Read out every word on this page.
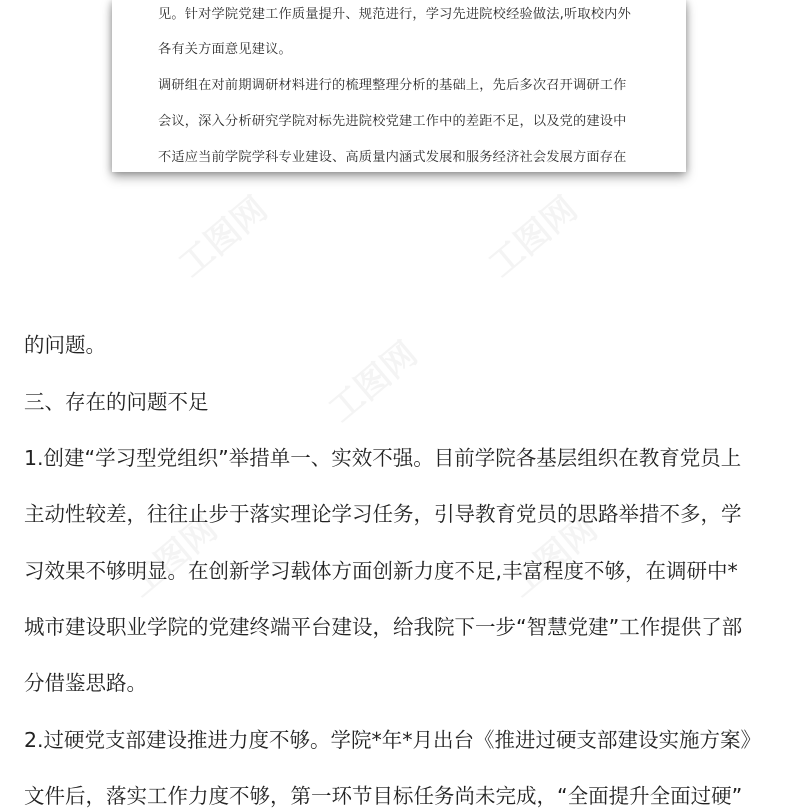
工图网	工图网
工图网
工图网	工图网
见。针对学院党建工作质量提升、规范进行，学习先进院校经验做法,听取校内外
各有关方面意见建议。
调研组在对前期调研材料进行的梳理整理分析的基础上，先后多次召开调研工作
会议，深入分析研究学院对标先进院校党建工作中的差距不足，以及党的建设中
不适应当前学院学科专业建设、高质量内涵式发展和服务经济社会发展方面存在
的问题。
三、存在的问题不足
1.创建“学习型党组织”举措单一、实效不强。目前学院各基层组织在教育党员上
主动性较差，往往止步于落实理论学习任务，引导教育党员的思路举措不多，学
习效果不够明显。在创新学习载体方面创新力度不足,丰富程度不够，在调研中*
城市建设职业学院的党建终端平台建设，给我院下一步“智慧党建”工作提供了部
分借鉴思路。
2.过硬党支部建设推进力度不够。学院*年*月出台《推进过硬支部建设实施方案》
文件后，落实工作力度不够，第一环节目标任务尚未完成，“全面提升全面过硬”
